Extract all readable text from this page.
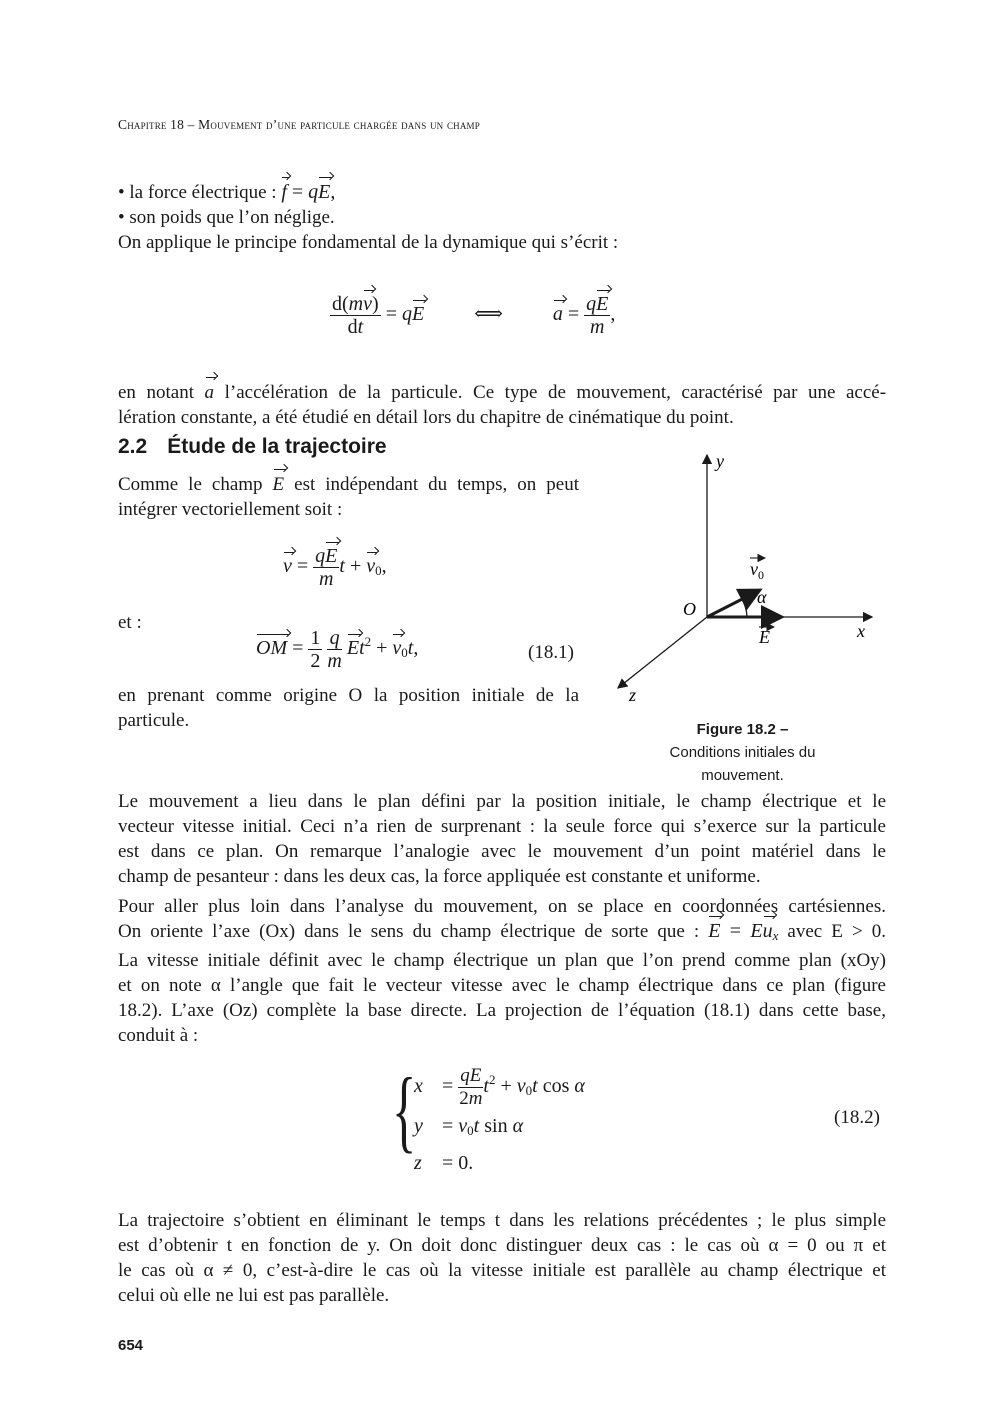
Chapitre 18 – Mouvement d’une particule chargée dans un champ
• la force électrique : f = qE,
• son poids que l’on néglige.
On applique le principe fondamental de la dynamique qui s’écrit :
$\frac{d(mv)}{dt}$ = qE	⟺	$a = \frac{qE}{m}$ ,
en notant a l’accélération de la particule. Ce type de mouvement, caractérisé par une accé-
lération constante, a été étudié en détail lors du chapitre de cinématique du point.
2.2 Étude de la trajectoire
Comme le champ E est indépendant du temps, on peut
intégrer vectoriellement soit :
$v = \frac{qE}{m}$ $t + v_0$,
et :
OM = $\frac{1}{2}$
$\frac{q}{m} Et^2 + v_0t$,	(18.1)
en prenant comme origine O la position initiale de la
particule.
y
x
z
O
α
$v_0$
E
Figure 18.2 –
Conditions initiales du
mouvement.
Le mouvement a lieu dans le plan défini par la position initiale, le champ électrique et le
vecteur vitesse initial. Ceci n’a rien de surprenant : la seule force qui s’exerce sur la particule
est dans ce plan. On remarque l’analogie avec le mouvement d’un point matériel dans le
champ de pesanteur : dans les deux cas, la force appliquée est constante et uniforme.
Pour aller plus loin dans l’analyse du mouvement, on se place en coordonnées cartésiennes.
On oriente l’axe (Ox) dans le sens du champ électrique de sorte que : $E = Eu_x$ avec E > 0.
La vitesse initiale définit avec le champ électrique un plan que l’on prend comme plan (xOy)
et on note α l’angle que fait le vecteur vitesse avec le champ électrique dans ce plan (figure
18.2). L’axe (Oz) complète la base directe. La projection de l’équation (18.1) dans cette base,
conduit à :
{
$x = \frac{qE}{2m} t^2 + v_0t$ cos α
$y = v_0t$ sin α
z = 0.
(18.2)
La trajectoire s’obtient en éliminant le temps t dans les relations précédentes ; le plus simple
est d’obtenir t en fonction de y. On doit donc distinguer deux cas : le cas où α = 0 ou π et
le cas où α ≠ 0, c’est-à-dire le cas où la vitesse initiale est parallèle au champ électrique et
celui où elle ne lui est pas parallèle.
654
